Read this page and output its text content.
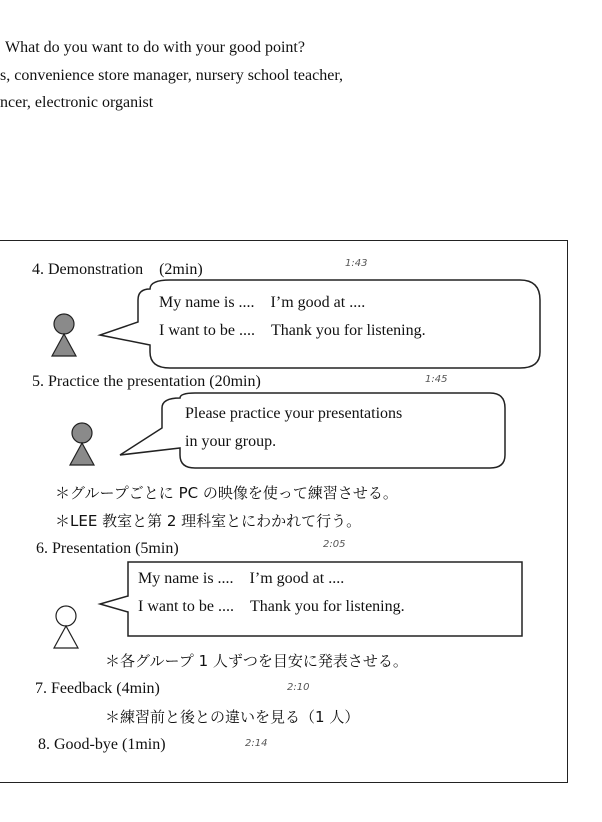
What do you want to do with your good point?
s, convenience store manager, nursery school teacher,
ncer, electronic organist
4. Demonstration　(2min)	1:43
My name is ....　I’m good at ....
I want to be ....　Thank you for listening.
5. Practice the presentation (20min)	1:45
Please practice your presentations
in your group.
＊グループごとに PC の映像を使って練習させる。
＊LEE 教室と第 2 理科室とにわかれて行う。
6. Presentation (5min)	2:05
My name is ....　I’m good at ....
I want to be ....　Thank you for listening.
＊各グループ 1 人ずつを目安に発表させる。
7. Feedback (4min)	2:10
＊練習前と後との違いを見る（1 人）
8. Good-bye (1min)	2:14
